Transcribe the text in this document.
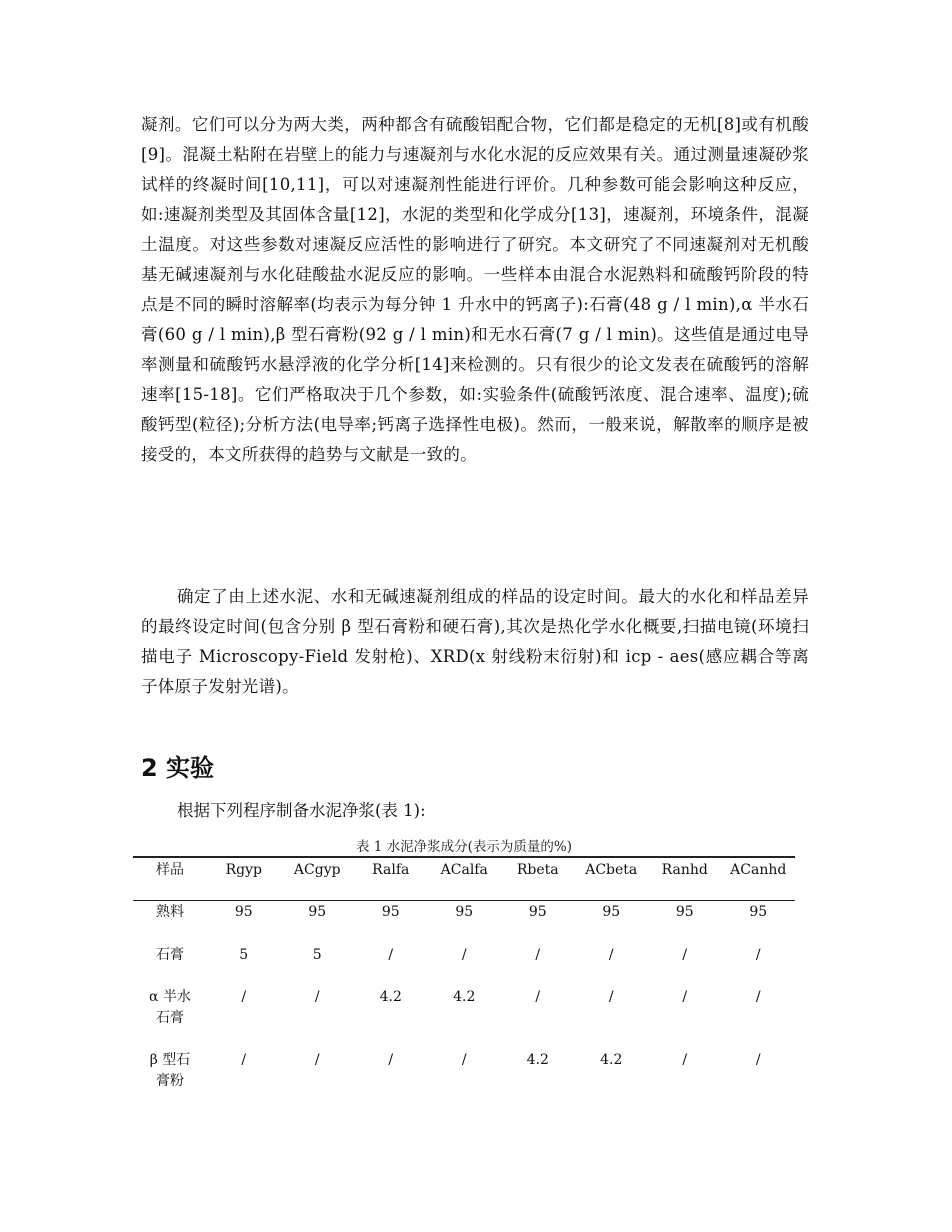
凝剂。它们可以分为两大类，两种都含有硫酸铝配合物，它们都是稳定的无机[8]或有机酸[9]。混凝土粘附在岩壁上的能力与速凝剂与水化水泥的反应效果有关。通过测量速凝砂浆试样的终凝时间[10,11]，可以对速凝剂性能进行评价。几种参数可能会影响这种反应，如:速凝剂类型及其固体含量[12]，水泥的类型和化学成分[13]，速凝剂，环境条件，混凝土温度。对这些参数对速凝反应活性的影响进行了研究。本文研究了不同速凝剂对无机酸基无碱速凝剂与水化硅酸盐水泥反应的影响。一些样本由混合水泥熟料和硫酸钙阶段的特点是不同的瞬时溶解率(均表示为每分钟 1 升水中的钙离子):石膏(48 g / l min),α 半水石膏(60 g / l min),β 型石膏粉(92 g / l min)和无水石膏(7 g / l min)。这些值是通过电导率测量和硫酸钙水悬浮液的化学分析[14]来检测的。只有很少的论文发表在硫酸钙的溶解速率[15-18]。它们严格取决于几个参数，如:实验条件(硫酸钙浓度、混合速率、温度);硫酸钙型(粒径);分析方法(电导率;钙离子选择性电极)。然而，一般来说，解散率的顺序是被接受的，本文所获得的趋势与文献是一致的。

确定了由上述水泥、水和无碱速凝剂组成的样品的设定时间。最大的水化和样品差异的最终设定时间(包含分别 β 型石膏粉和硬石膏),其次是热化学水化概要,扫描电镜(环境扫描电子 Microscopy-Field 发射枪)、XRD(x 射线粉末衍射)和 icp - aes(感应耦合等离子体原子发射光谱)。

2 实验

根据下列程序制备水泥净浆(表 1):

表 1 水泥净浆成分(表示为质量的%)

样品	Rgyp	ACgyp	Ralfa	ACalfa	Rbeta	ACbeta	Ranhd	ACanhd
熟料	95	95	95	95	95	95	95	95
石膏	5	5	/	/	/	/	/	/
α 半水
石膏	/	/	4.2	4.2	/	/	/	/
β 型石
膏粉	/	/	/	/	4.2	4.2	/	/
